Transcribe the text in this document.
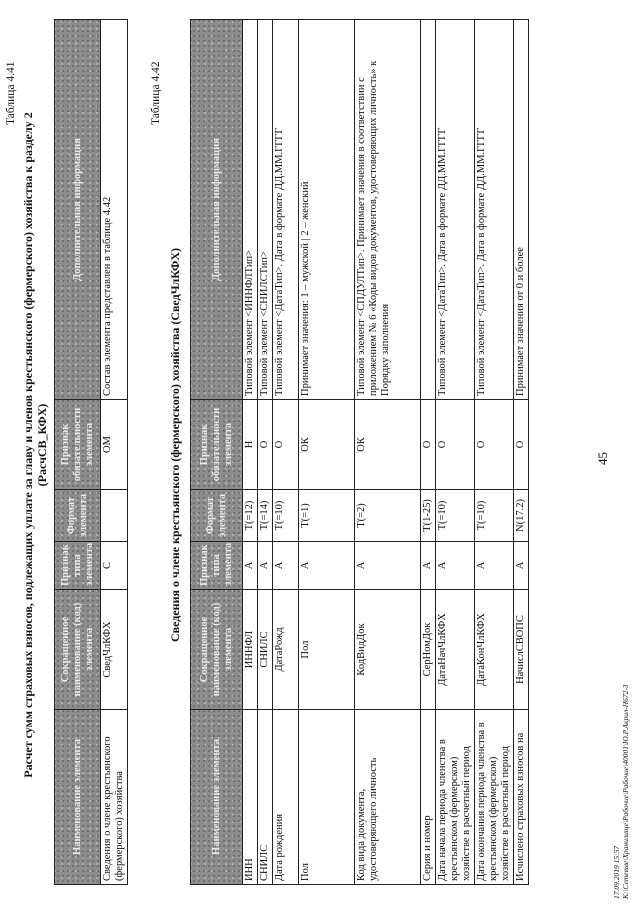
45
Таблица 4.41
Расчет сумм страховых взносов, подлежащих уплате за главу и членов крестьянского (фермерского) хозяйства к разделу 2 (РасчСВ_КФХ)
Наименование элемента	Сокращенное наименование (код) элемента	Признак типа элемента	Формат элемента	Признак обязательности элемента	Дополнительная информация
Сведения о члене крестьянского (фермерского) хозяйства	СведЧлКФХ	С		ОМ	Состав элемента представлен в таблице 4.42
Таблица 4.42
Сведения о члене крестьянского (фермерского) хозяйства (СведЧлКФХ)
Наименование элемента	Сокращенное наименование (код) элемента	Признак типа элемента	Формат элемента	Признак обязательности элемента	Дополнительная информация
ИНН	ИННФЛ	А	Т(=12)	Н	Типовой элемент <ИННФЛТип>
СНИЛС	СНИЛС	А	Т(=14)	О	Типовой элемент <СНИЛСТип>
Дата рождения	ДатаРожд	А	Т(=10)	О	Типовой элемент <ДатаТип>. Дата в формате ДД.ММ.ГГГГ
Пол	Пол	А	Т(=1)	ОК	Принимает значения: 1 – мужской | 2 – женский
Код вида документа, удостоверяющего личность	КодВидДок	А	Т(=2)	ОК	Типовой элемент <СПДУЛТип>. Принимает значения в соответствии с приложением № 6 «Коды видов документов, удостоверяющих личность» к Порядку заполнения
Серия и номер	СерНомДок	А	Т(1-25)	О	
Дата начала периода членства в крестьянском (фермерском) хозяйстве в расчетный период	ДатаНачЧлКФХ	А	Т(=10)	О	Типовой элемент <ДатаТип>. Дата в формате ДД.ММ.ГГГГ
Дата окончания периода членства в крестьянском (фермерском) хозяйстве в расчетный период	ДатаКонЧлКФХ	А	Т(=10)	О	Типовой элемент <ДатаТип>. Дата в формате ДД.ММ.ГГГГ
Исчислено страховых взносов на	НачислСВОПС	А	N(17.2)	О	Принимает значения от 0 и более
17.09.2019 15:57 К:\Сетевые\Хранилище\Рабочие\Рабочие\40001\Ю.Р.Акрил-Н672-3
